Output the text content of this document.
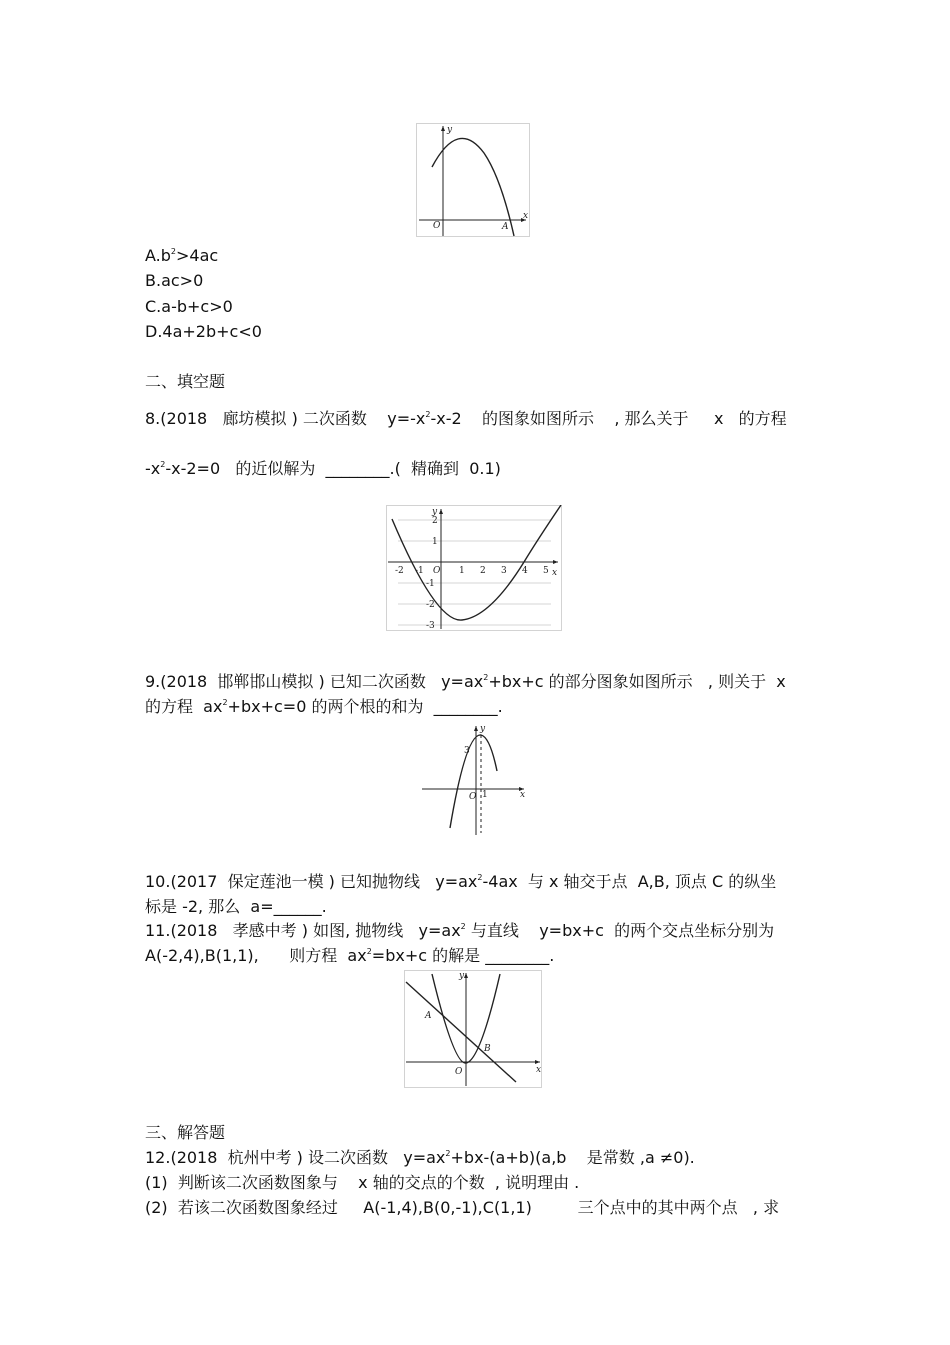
y
x
O	A
$A.b^2>4ac$
B.ac>0
C.a-b+c>0
D.4a+2b+c<0
二、填空题
8.(2018   廊坊模拟 ) 二次函数    $y=-x^2-x-2$    的图象如图所示    , 那么关于     x   的方程
$-x^2-x-2=0$   的近似解为  ________.(  精确到  0.1)
-2 -1 O 1 2 3 4 5
2
1
-1
-2
-3
y
x
9.(2018  邯郸邯山模拟 ) 已知二次函数   $y=ax^2+bx+c$ 的部分图象如图所示   , 则关于  x
的方程  $ax^2+bx+c=0$ 的两个根的和为  ________.
3
O 1
y
x
10.(2017  保定莲池一模 ) 已知抛物线   $y=ax^2-4ax$  与 x 轴交于点  A,B, 顶点 C 的纵坐
标是 -2, 那么  a=______.
11.(2018   孝感中考 ) 如图, 抛物线   $y=ax^2$ 与直线    y=bx+c  的两个交点坐标分别为
A(-2,4),B(1,1),      则方程  $ax^2=bx+c$ 的解是 ________.
A
B
O
y
x
三、解答题
12.(2018  杭州中考 ) 设二次函数   $y=ax^2+bx-(a+b)(a,b$    是常数 ,a ≠0).
(1)  判断该二次函数图象与    x 轴的交点的个数  , 说明理由 .
(2)  若该二次函数图象经过     A(-1,4),B(0,-1),C(1,1)         三个点中的其中两个点   , 求
